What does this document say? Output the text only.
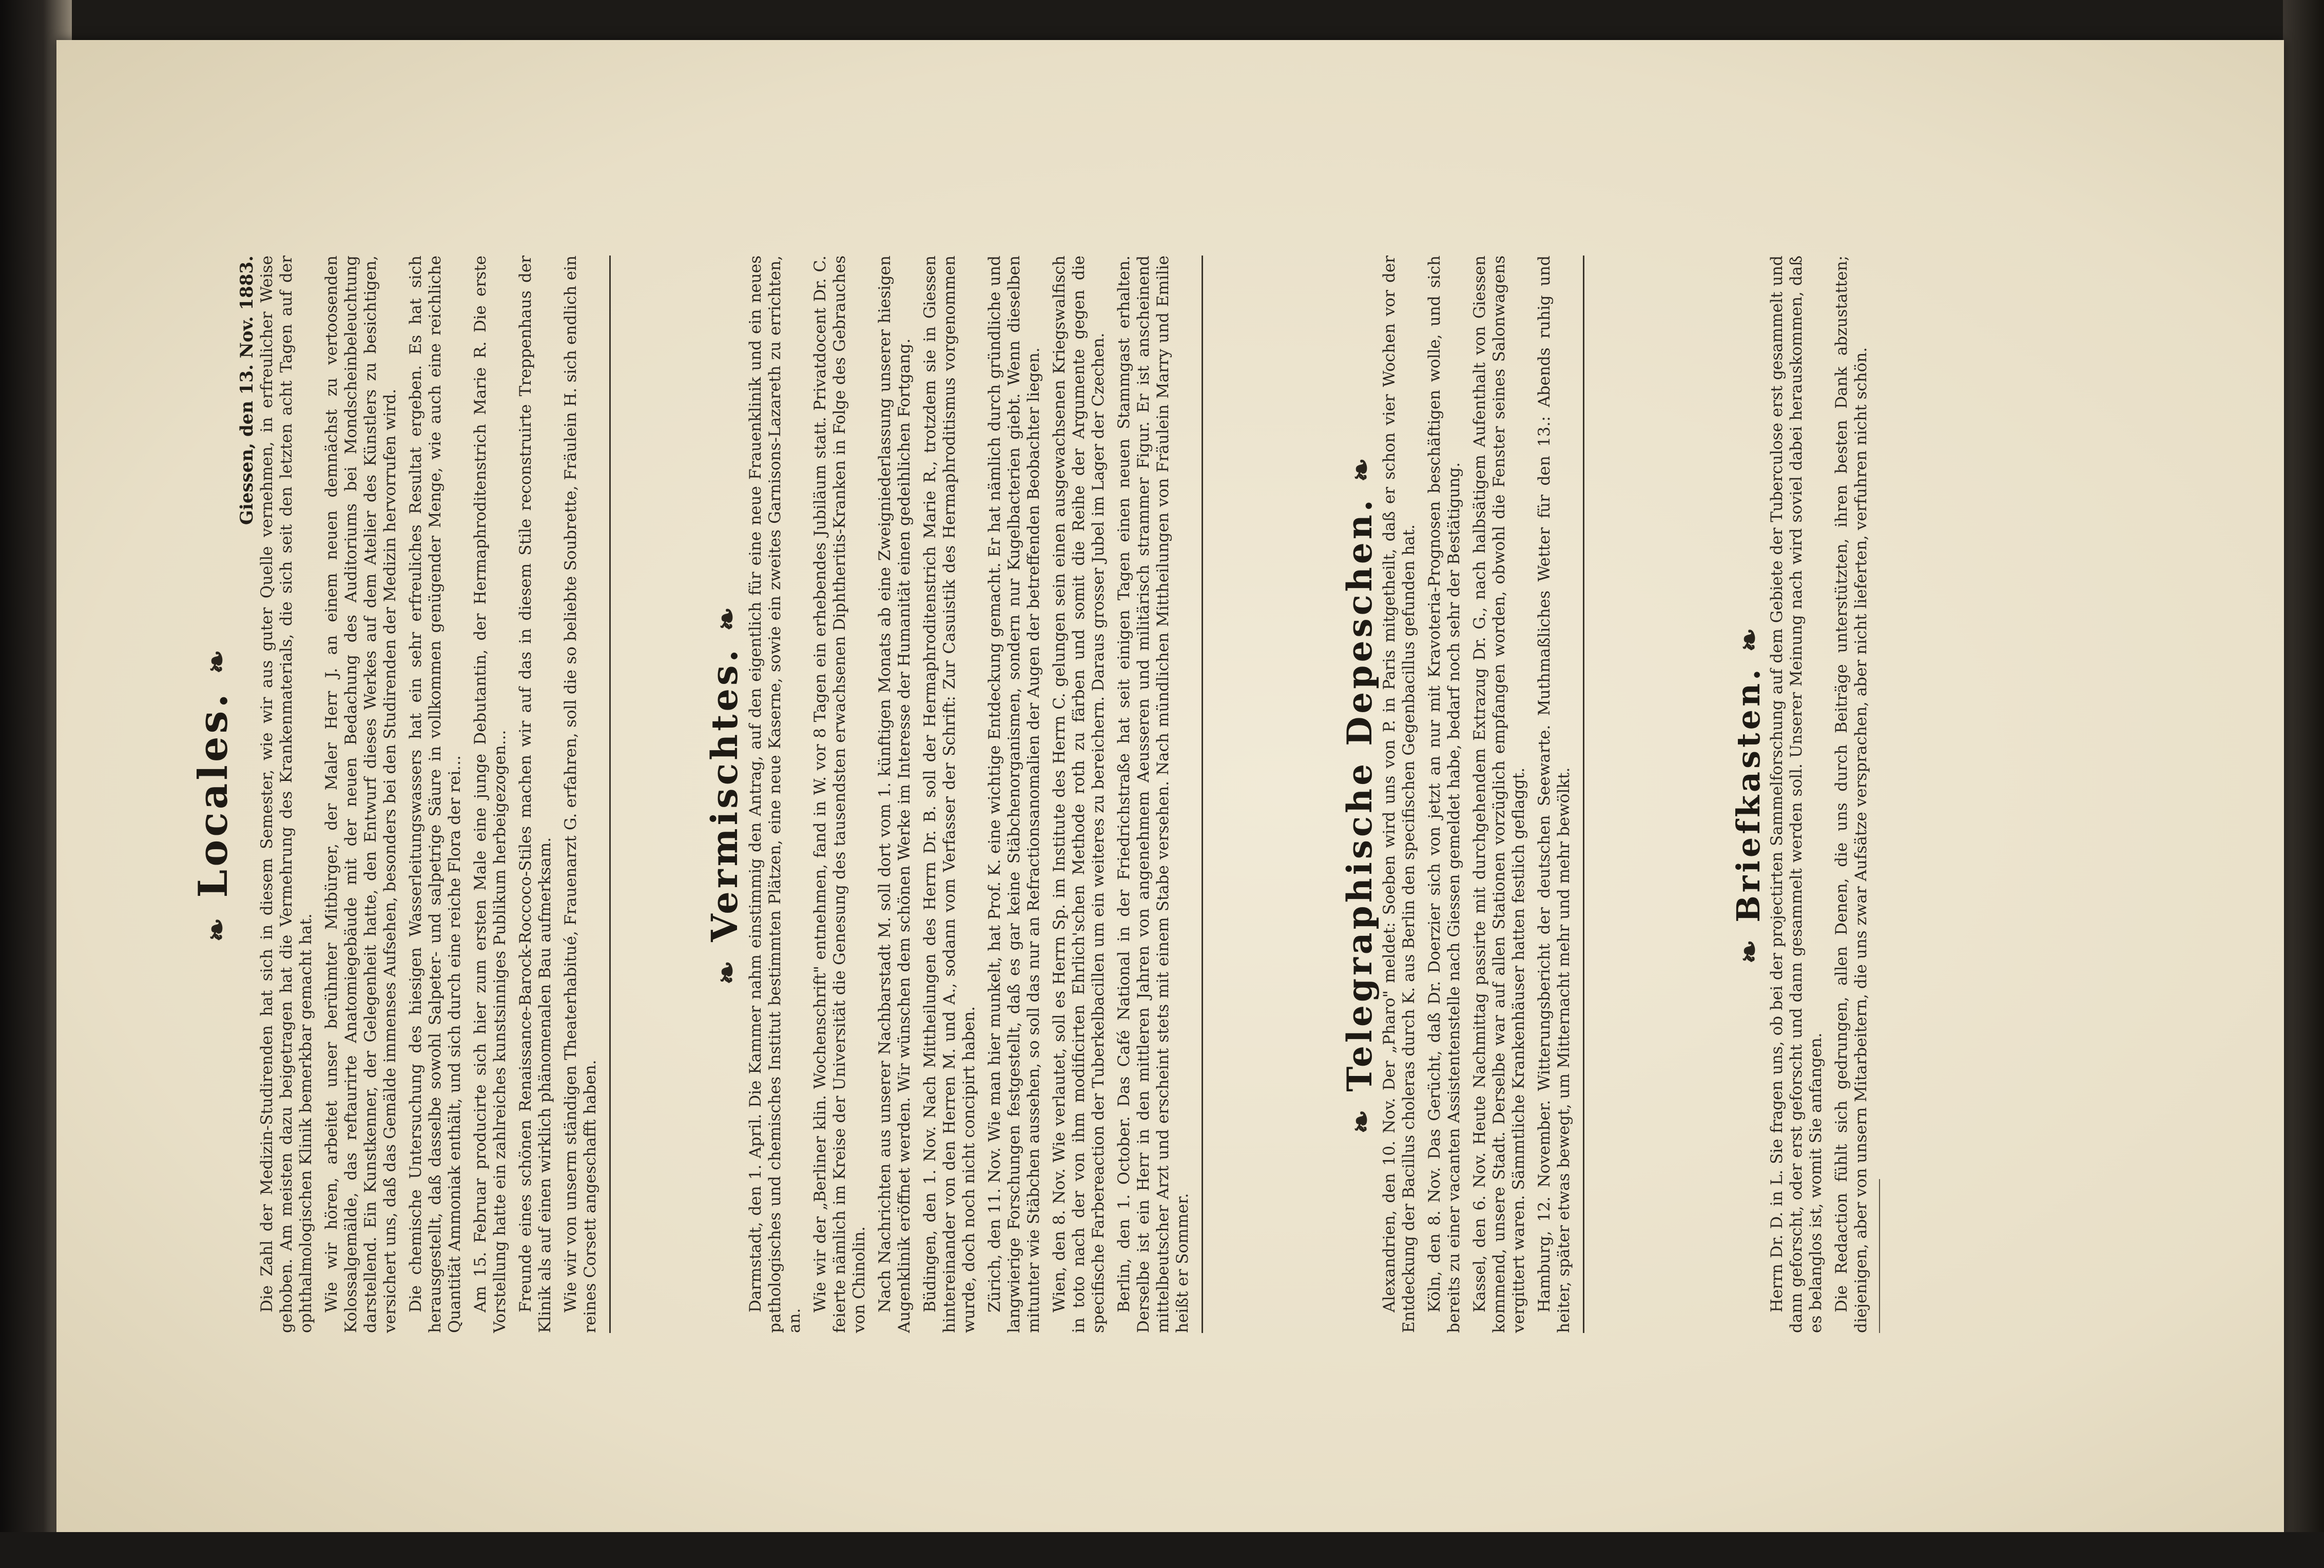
❧ Locales. ❧
Giessen, den 13. Nov. 1883. Die Zahl der Medizin-Studirenden hat sich in diesem Semester, wie wir aus guter Quelle vernehmen, in erfreulicher Weise gehoben. Am meisten dazu beigetragen hat die Vermehrung des Krankenmaterials, die sich seit den letzten acht Tagen auf der ophthalmologischen Klinik bemerkbar gemacht hat. Wie wir hören, arbeitet unser berühmter Mitbürger, der Maler Herr J. an einem neuen demnächst zu vertoosenden Kolossalgemälde, das reftaurirte Anatomiegebäude mit der neuen Bedachung des Auditoriums bei Mondscheinbeleuchtung darstellend. Ein Kunstkenner, der Gelegenheit hatte, den Entwurf dieses Werkes auf dem Atelier des Künstlers zu besichtigen, versichert uns, daß das Gemälde immenses Aufsehen, besonders bei den Studirenden der Medizin hervorrufen wird. Die chemische Untersuchung des hiesigen Wasserleitungswassers hat ein sehr erfreuliches Resultat ergeben. Es hat sich herausgestellt, daß dasselbe sowohl Salpeter- und salpetrige Säure in vollkommen genügender Menge, wie auch eine reichliche Quantität Ammoniak enthält, und sich durch eine reiche Flora der rei... Am 15. Februar producirte sich hier zum ersten Male eine junge Debutantin, der Hermaphroditenstrich Marie R. Die erste Vorstellung hatte ein zahlreiches kunstsinniges Publikum herbeigezogen... Freunde eines schönen Renaissance-Barock-Roccoco-Stiles machen wir auf das in diesem Stile reconstruirte Treppenhaus der Klinik als auf einen wirklich phänomenalen Bau aufmerksam. Wie wir von unserm ständigen Theaterhabitué, Frauenarzt G. erfahren, soll die so beliebte Soubrette, Fräulein H. sich endlich ein reines Corsett angeschafft haben.

❧ Vermischtes. ❧ Darmstadt, den 1. April. Die Kammer nahm einstimmig den Antrag, auf den eigentlich für eine neue Frauenklinik und ein neues pathologisches und chemisches Institut bestimmten Plätzen, eine neue Kaserne, sowie ein zweites Garnisons-Lazareth zu errichten, an.

Wie wir der „Berliner klin. Wochenschrift" entnehmen, fand in W. vor 8 Tagen ein erhebendes Jubiläum statt. Privatdocent Dr. C. feierte nämlich im Kreise der Universität die Genesung des tausendsten erwachsenen Diphtheritis-Kranken in Folge des Gebrauches von Chinolin. Nach Nachrichten aus unserer Nachbarstadt M. soll dort vom 1. künftigen Monats ab eine Zweigniederlassung unserer hiesigen Augenklinik eröffnet werden. Wir wünschen dem schönen Werke im Interesse der Humanität einen gedeihlichen Fortgang. Büdingen, den 1. Nov. Nach Mittheilungen des Herrn Dr. B. soll der Hermaphroditenstrich Marie R., trotzdem sie in Giessen hintereinander von den Herren M. und A., sodann vom Verfasser der Schrift: Zur Casuistik des Hermaphroditismus vorgenommen wurde, doch noch nicht concipirt haben. Zürich, den 11. Nov. Wie man hier munkelt, hat Prof. K. eine wichtige Entdeckung gemacht. Er hat nämlich durch gründliche und langwierige Forschungen festgestellt, daß es gar keine Stäbchenorganismen, sondern nur Kugelbacterien giebt. Wenn dieselben mitunter wie Stäbchen aussehen, so soll das nur an Refractionsanomalien der Augen der betreffenden Beobachter liegen. Wien, den 8. Nov. Wie verlautet, soll es Herrn Sp. im Institute des Herrn C. gelungen sein einen ausgewachsenen Kriegswalfisch in toto nach der von ihm modificirten Ehrlich'schen Methode roth zu färben und somit die Reihe der Argumente gegen die specifische Farbereaction der Tuberkelbacillen um ein weiteres zu bereichern. Daraus grosser Jubel im Lager der Czechen. Berlin, den 1. October. Das Café National in der Friedrichstraße hat seit einigen Tagen einen neuen Stammgast erhalten. Derselbe ist ein Herr in den mittleren Jahren von angenehmem Aeusseren und militärisch strammer Figur. Er ist anscheinend mittelbeutscher Arzt und erscheint stets mit einem Stabe versehen. Nach mündlichen Mittheilungen von Fräulein Marry und Emilie heißt er Sommer.

❧ Telegraphische Depeschen. ❧ Alexandrien, den 10. Nov. Der „Pharo" meldet: Soeben wird uns von P. in Paris mitgetheilt, daß er schon vier Wochen vor der Entdeckung der Bacillus choleras durch K. aus Berlin den specifischen Gegenbacillus gefunden hat. Köln, den 8. Nov. Das Gerücht, daß Dr. Doerzier sich von jetzt an nur mit Kravoteria-Prognosen beschäftigen wolle, und sich bereits zu einer vacanten Assistentenstelle nach Giessen gemeldet habe, bedarf noch sehr der Bestätigung. Kassel, den 6. Nov. Heute Nachmittag passirte mit durchgehendem Extrazug Dr. G., nach halbsätigem Aufenthalt von Giessen kommend, unsere Stadt. Derselbe war auf allen Stationen vorzüglich empfangen worden, obwohl die Fenster seines Salonwagens vergittert waren. Sämmtliche Krankenhäuser hatten festlich geflaggt. Hamburg, 12. November. Witterungsbericht der deutschen Seewarte. Muthmaßliches Wetter für den 13.: Abends ruhig und heiter, später etwas bewegt, um Mitternacht mehr und mehr bewölkt.	❧ Briefkasten. ❧ Herrn Dr. D. in L. Sie fragen uns, ob bei der projectirten Sammelforschung auf dem Gebiete der Tuberculose erst gesammelt und dann geforscht, oder erst geforscht und dann gesammelt werden soll. Unserer Meinung nach wird soviel dabei herauskommen, daß es belanglos ist, womit Sie anfangen. Die Redaction fühlt sich gedrungen, allen Denen, die uns durch Beiträge unterstützten, ihren besten Dank abzustatten; diejenigen, aber von unsern Mitarbeitern, die uns zwar Aufsätze versprachen, aber nicht lieferten, verfuhren nicht schön.
